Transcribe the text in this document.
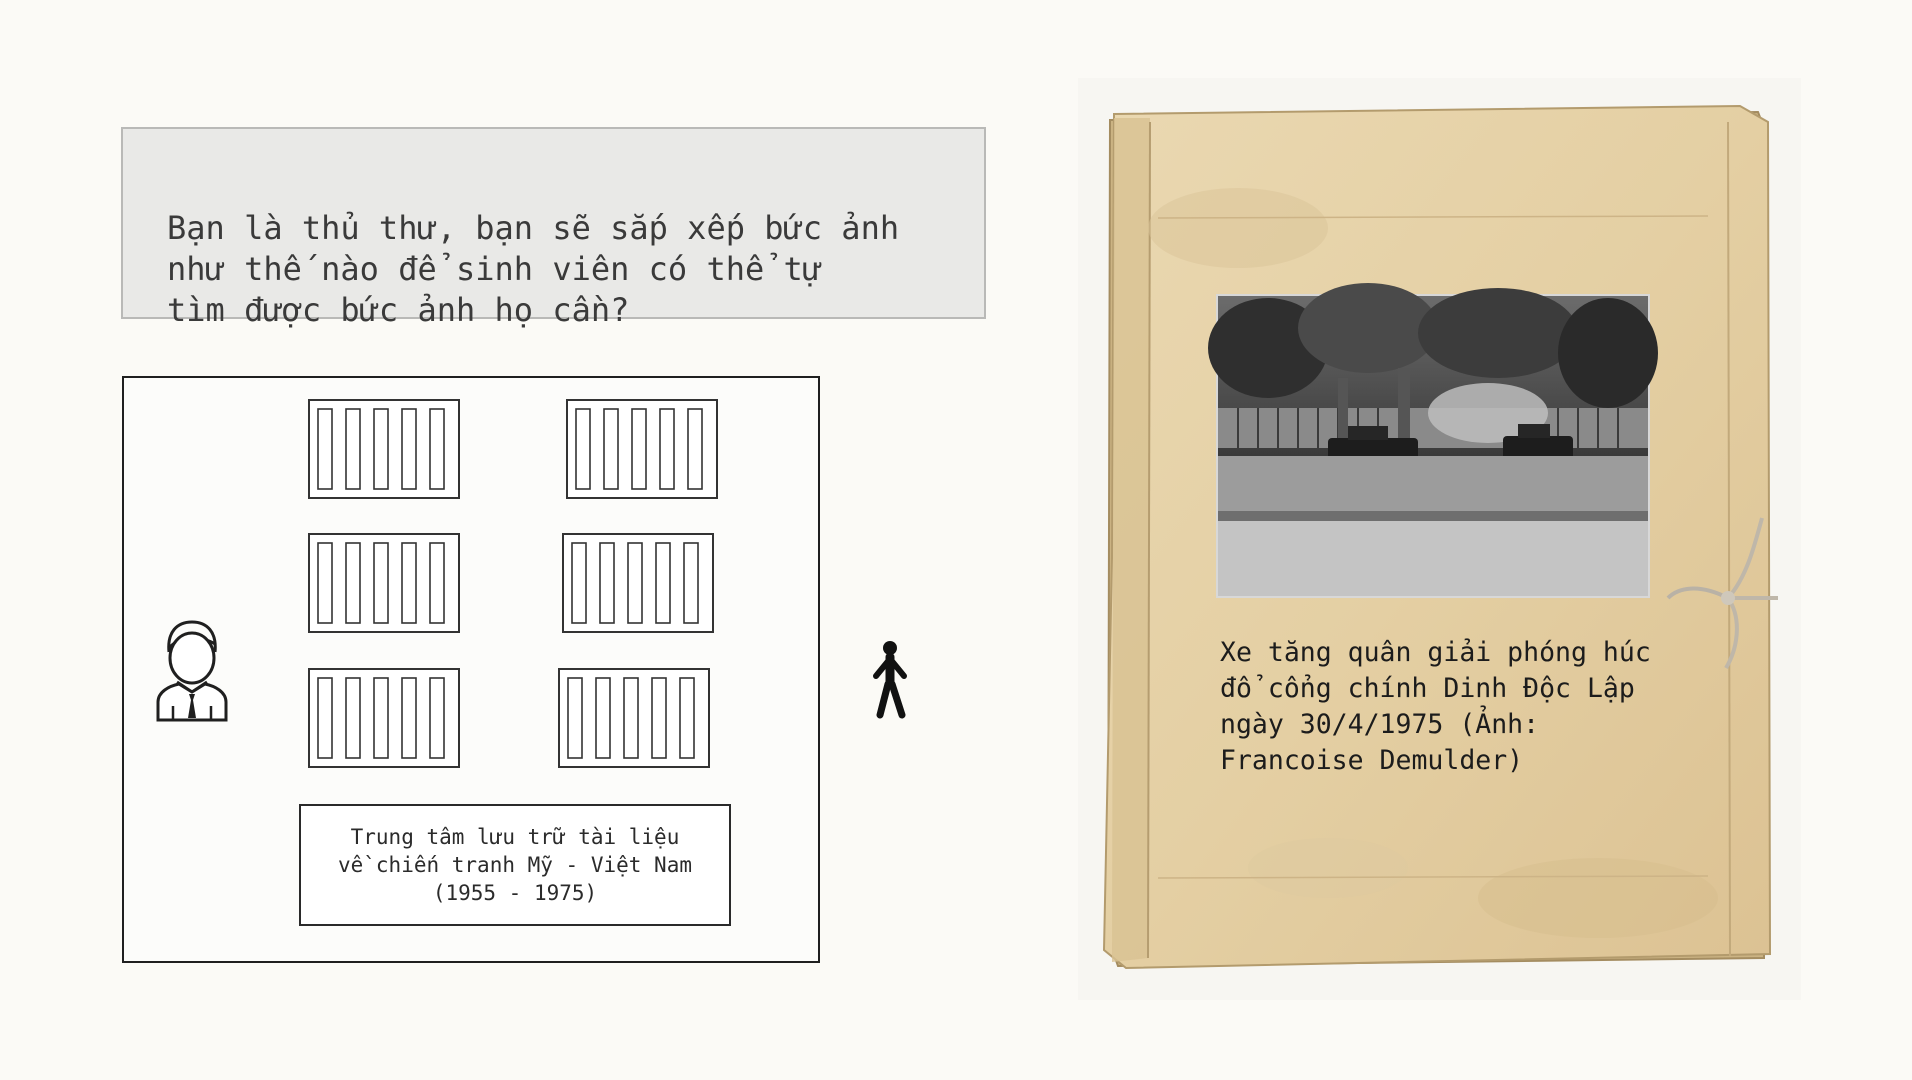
Bạn là thủ thư, bạn sẽ sắp xếp bức ảnh
như thế nào để sinh viên có thể tự
tìm được bức ảnh họ cần?

Trung tâm lưu trữ tài liệu
về chiến tranh Mỹ - Việt Nam
(1955 - 1975)
Xe tăng quân giải phóng húc
đổ cổng chính Dinh Độc Lập
ngày 30/4/1975 (Ảnh:
Francoise Demulder)
